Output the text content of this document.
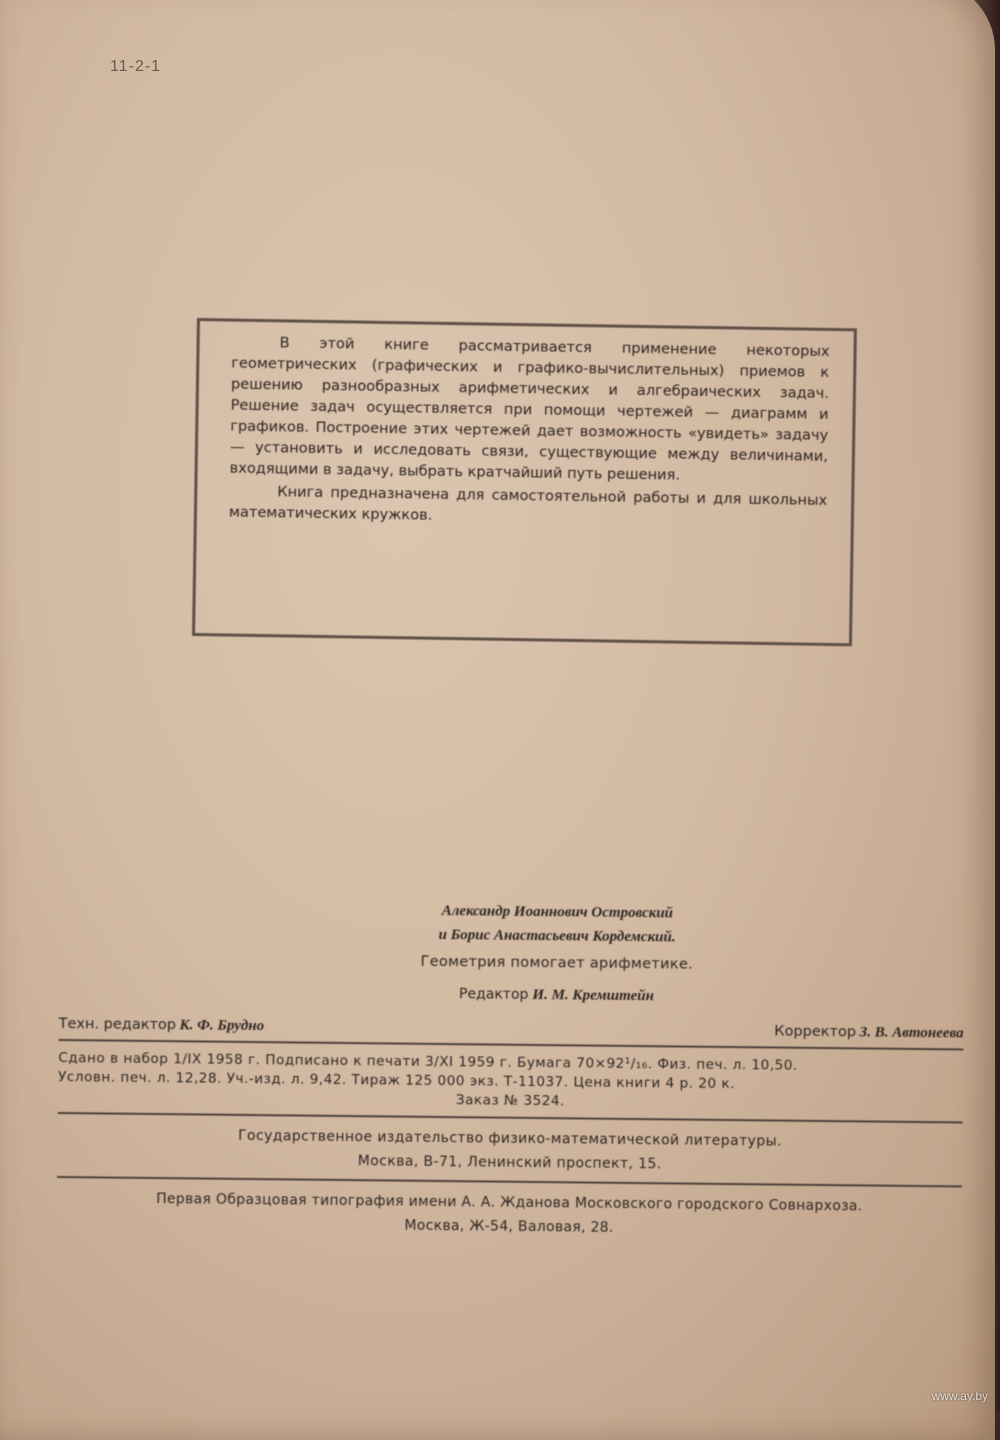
11-2-1

В этой книге рассматривается применение некоторых геометрических (графических и графико-вычислительных) приемов к решению разнообразных арифметических и алгебраических задач. Решение задач осуществляется при помощи чертежей — диаграмм и графиков. Построение этих чертежей дает возможность «увидеть» задачу — установить и исследовать связи, существующие между величинами, входящими в задачу, выбрать кратчайший путь решения.

Книга предназначена для самостоятельной работы и для школьных математических кружков.

Александр Иоаннович Островский
и Борис Анастасьевич Кордемский.
Геометрия помогает арифметике.
Редактор И. М. Кремштейн
Техн. редактор К. Ф. Брудно	Корректор З. В. Автонеева
Сдано в набор 1/IX 1958 г. Подписано к печати 3/XI 1959 г. Бумага 70×92¹/₁₆. Физ. печ. л. 10,50.
Условн. печ. л. 12,28. Уч.-изд. л. 9,42. Тираж 125 000 экз. Т-11037. Цена книги 4 р. 20 к.
Заказ № 3524.
Государственное издательство физико-математической литературы.
Москва, В-71, Ленинский проспект, 15.
Первая Образцовая типография имени А. А. Жданова Московского городского Совнархоза.
Москва, Ж-54, Валовая, 28.
www.ay.by
